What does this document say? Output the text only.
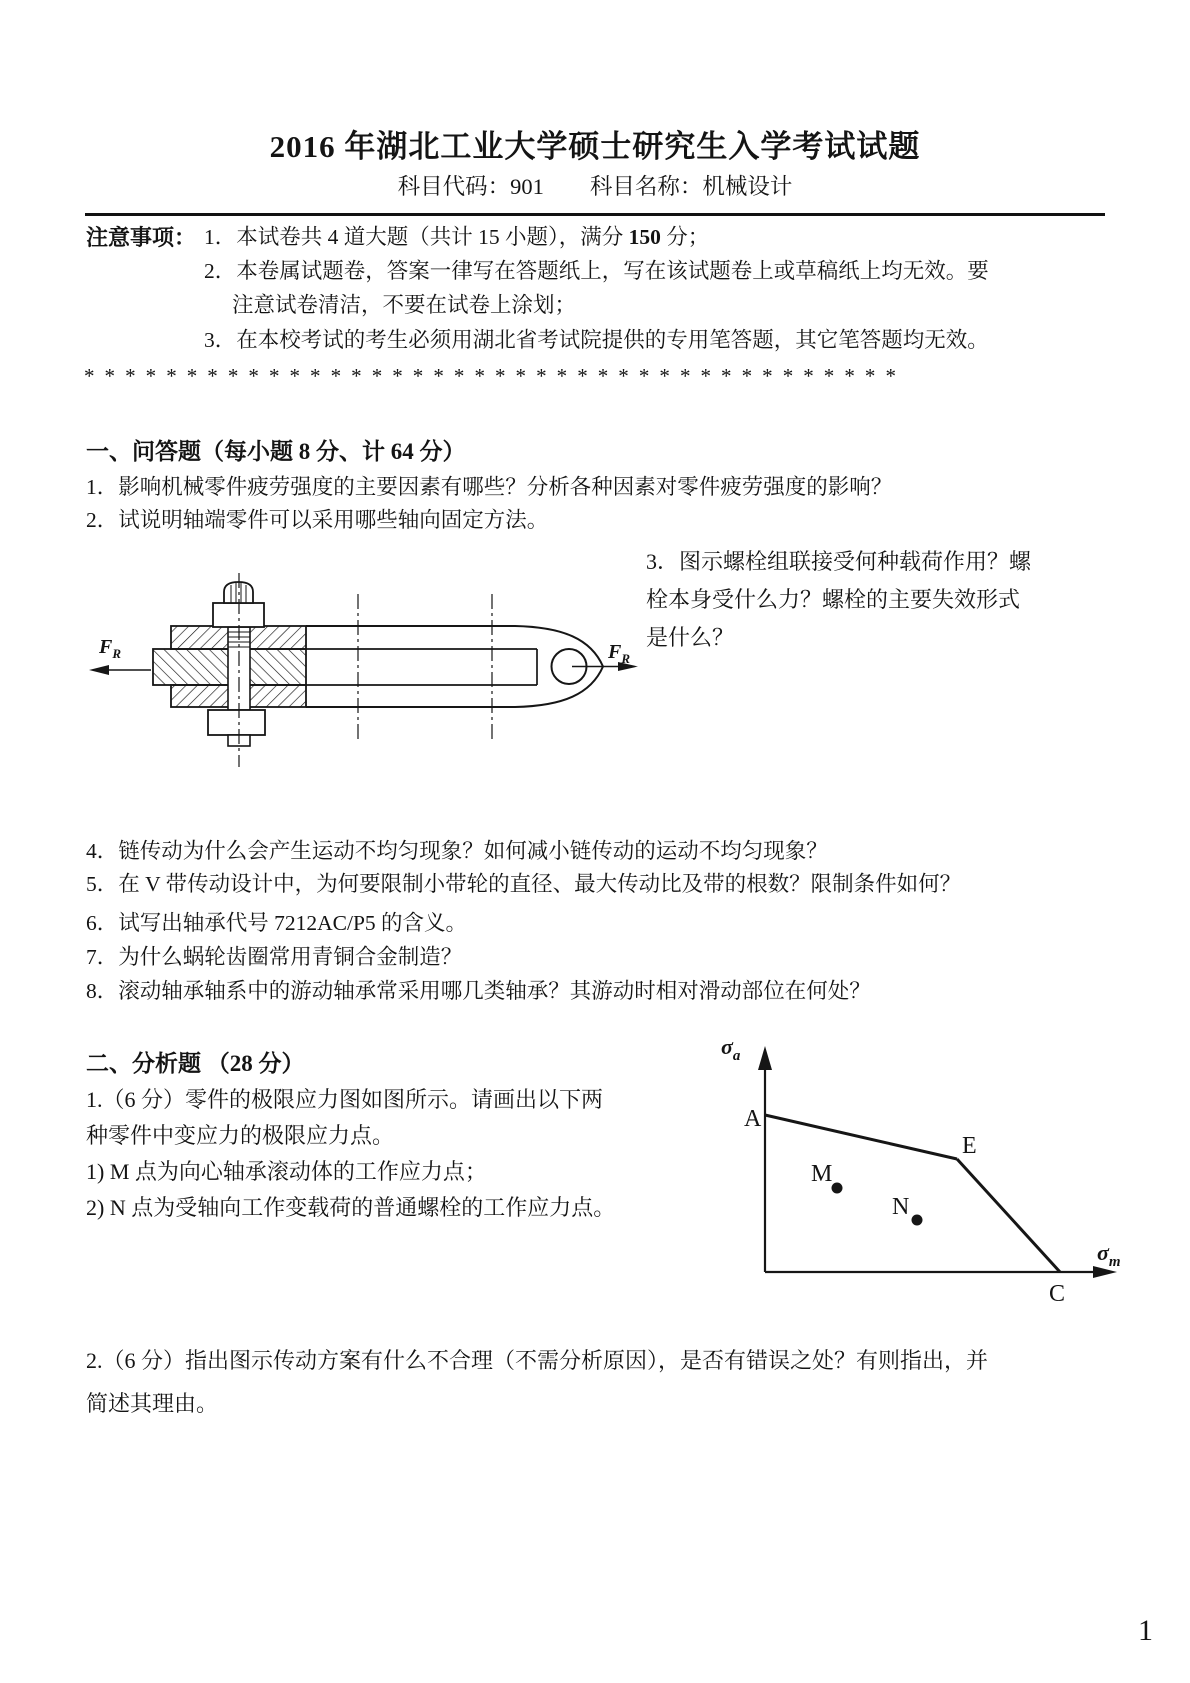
2016 年湖北工业大学硕士研究生入学考试试题
科目代码：901 科目名称：机械设计
注意事项： 1．本试卷共 4 道大题（共计 15 小题），满分 150 分；
2．本卷属试题卷，答案一律写在答题纸上，写在该试题卷上或草稿纸上均无效。要
注意试卷清洁，不要在试卷上涂划；
3．在本校考试的考生必须用湖北省考试院提供的专用笔答题，其它笔答题均无效。
* * * * * * * * * * * * * * * * * * * * * * * * * * * * * * * * * * * * * * * *
一、问答题（每小题 8 分、计 64 分）
1．影响机械零件疲劳强度的主要因素有哪些？分析各种因素对零件疲劳强度的影响？
2．试说明轴端零件可以采用哪些轴向固定方法。
3．图示螺栓组联接受何种载荷作用？螺
栓本身受什么力？螺栓的主要失效形式
是什么？
$F_R$	$F_R$
4．链传动为什么会产生运动不均匀现象？如何减小链传动的运动不均匀现象？
5．在 V 带传动设计中，为何要限制小带轮的直径、最大传动比及带的根数？限制条件如何？
6．试写出轴承代号 7212AC/P5 的含义。
7．为什么蜗轮齿圈常用青铜合金制造？
8．滚动轴承轴系中的游动轴承常采用哪几类轴承？其游动时相对滑动部位在何处？
二、分析题 （28 分）
1.（6 分）零件的极限应力图如图所示。请画出以下两
种零件中变应力的极限应力点。
1) M 点为向心轴承滚动体的工作应力点；
2) N 点为受轴向工作变载荷的普通螺栓的工作应力点。
$\sigma_a$
$\sigma_m$
A
E
C
M
N
2.（6 分）指出图示传动方案有什么不合理（不需分析原因），是否有错误之处？有则指出，并
简述其理由。
1
